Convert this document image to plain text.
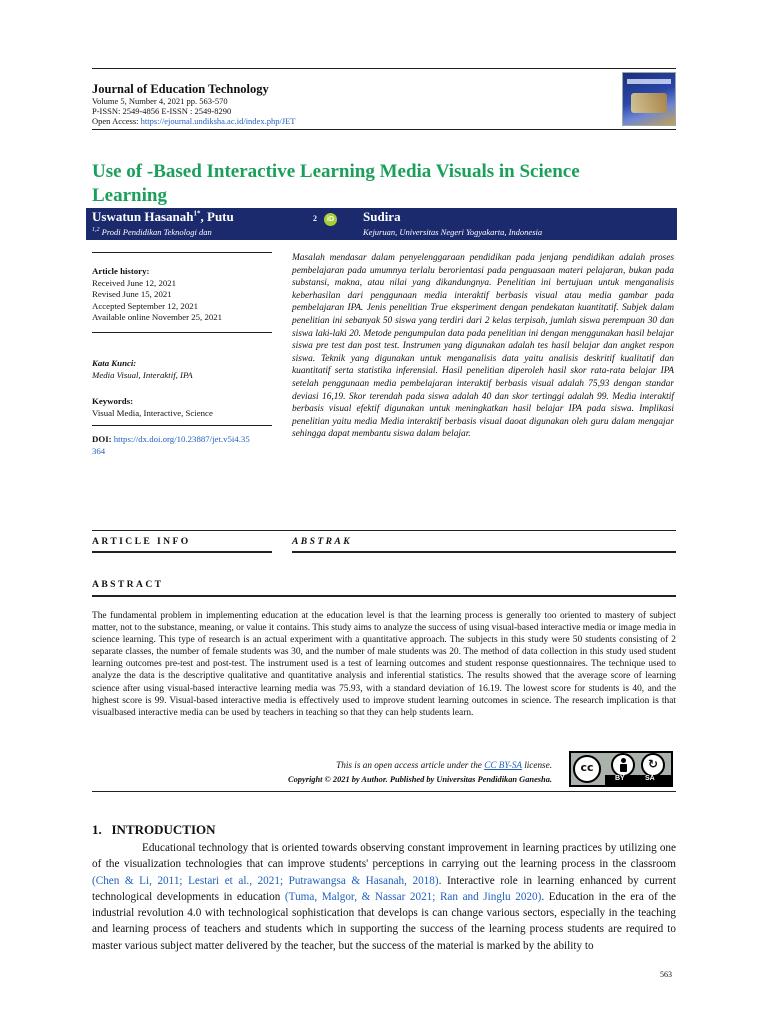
Journal of Education Technology
Volume 5, Number 4, 2021 pp. 563-570
P-ISSN: 2549-4856 E-ISSN : 2549-8290
Open Access: https://ejournal.undiksha.ac.id/index.php/JET
Use of -Based Interactive Learning Media Visuals in Science Learning
Uswatun Hasanah$^{1*}$, Putu	2	iD Sudira
$^{1,2}$ Prodi Pendidikan Teknologi dan	Kejuruan, Universitas Negeri Yogyakarta, Indonesia
Article history:
Received June 12, 2021
Revised June 15, 2021
Accepted September 12, 2021
Available online November 25, 2021
Kata Kunci:
Media Visual, Interaktif, IPA
Keywords:
Visual Media, Interactive, Science
DOI: https://dx.doi.org/10.23887/jet.v5i4.35364
Masalah mendasar dalam penyelenggaraan pendidikan pada jenjang pendidikan adalah proses pembelajaran pada umumnya terlalu berorientasi pada penguasaan materi pelajaran, bukan pada substansi, makna, atau nilai yang dikandungnya. Penelitian ini bertujuan untuk menganalisis keberhasilan dari penggunaan media interaktif berbasis visual atau media gambar pada pembelajaran IPA. Jenis penelitian True eksperiment dengan pendekatan kuantitatif. Subjek dalam penelitian ini sebanyak 50 siswa yang terdiri dari 2 kelas terpisah, jumlah siswa perempuan 30 dan siswa laki-laki 20. Metode pengumpulan data pada penelitian ini dengan menggunakan hasil belajar siswa pre test dan post test. Instrumen yang digunakan adalah tes hasil belajar dan angket respon siswa. Teknik yang digunakan untuk menganalisis data yaitu analisis deskritif kualitatif dan kuantitatif serta statistika inferensial. Hasil penelitian diperoleh hasil skor rata-rata belajar IPA setelah penggunaan media pembelajaran interaktif berbasis visual adalah 75,93 dengan standar deviasi 16,19. Skor terendah pada siswa adalah 40 dan skor tertinggi adalah 99. Media interaktif berbasis visual efektif digunakan untuk meningkatkan hasil belajar IPA pada siswa. Implikasi penelitian yaitu media Media interaktif berbasis visual daoat digunakan oleh guru dalam mengajar sehingga dapat membantu siswa dalam belajar.
ARTICLE INFO	ABSTRAK
ABSTRACT
The fundamental problem in implementing education at the education level is that the learning process is generally too oriented to mastery of subject matter, not to the substance, meaning, or value it contains. This study aims to analyze the success of using visual-based interactive media or image media in science learning. This type of research is an actual experiment with a quantitative approach. The subjects in this study were 50 students consisting of 2 separate classes, the number of female students was 30, and the number of male students was 20. The method of data collection in this study used student learning outcomes pre-test and post-test. The instrument used is a test of learning outcomes and student response questionnaires. The technique used to analyze the data is the descriptive qualitative and quantitative analysis and inferential statistics. The results showed that the average score of learning science after using visual-based interactive learning media was 75.93, with a standard deviation of 16.19. The lowest score for students is 40, and the highest score is 99. Visual-based interactive media is effectively used to improve student learning outcomes in science. The research implication is that visualbased interactive media can be used by teachers in teaching so that they can help students learn.
This is an open access article under the CC BY-SA license.
Copyright © 2021 by Author. Published by Universitas Pendidikan Ganesha.
cc	↻
BY	SA
1.   INTRODUCTION
Educational technology that is oriented towards observing constant improvement in learning practices by utilizing one of the visualization technologies that can improve students' perceptions in carrying out the learning process in the classroom (Chen & Li, 2011; Lestari et al., 2021; Putrawangsa & Hasanah, 2018). Interactive role in learning enhanced by current technological developments in education (Tuma, Malgor, & Nassar 2021; Ran and Jinglu 2020). Education in the era of the industrial revolution 4.0 with technological sophistication that develops is can change various sectors, especially in the teaching and learning process of teachers and students which in supporting the success of the learning process students are required to master various subject matter delivered by the teacher, but the success of the material is marked by the ability to
563
